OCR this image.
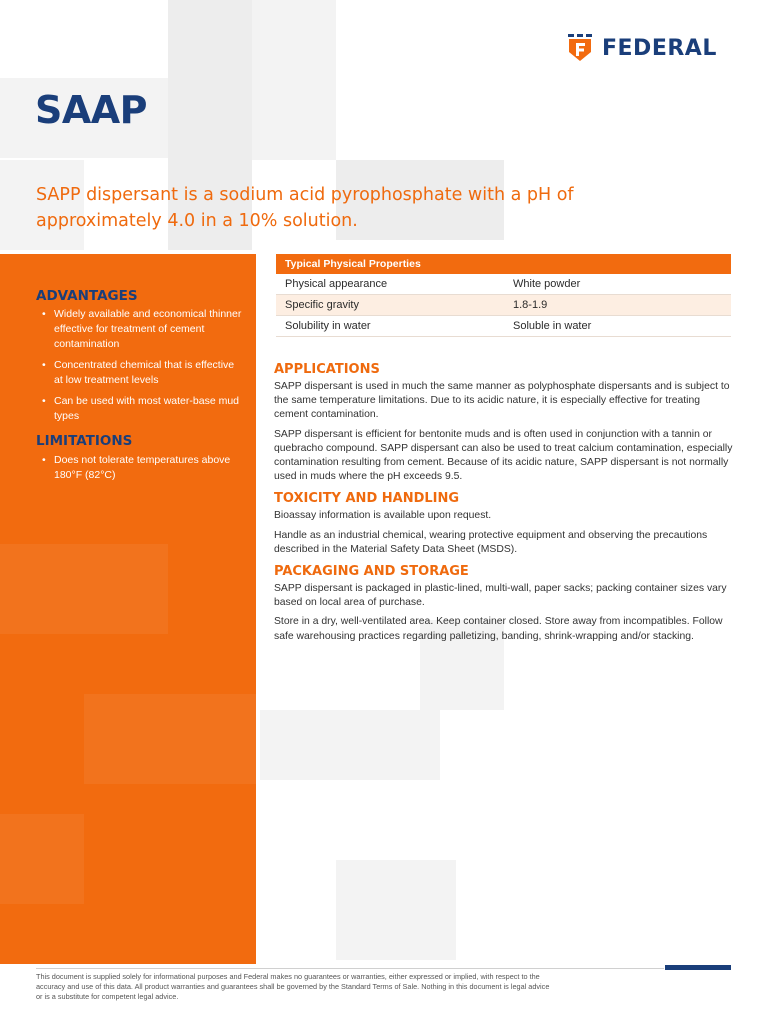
FEDERAL
SAAP

SAPP dispersant is a sodium acid pyrophosphate with a pH of approximately 4.0 in a 10% solution.

ADVANTAGES
• Widely available and economical thinner effective for treatment of cement contamination
• Concentrated chemical that is effective at low treatment levels
• Can be used with most water-base mud types
LIMITATIONS
• Does not tolerate temperatures above 180°F (82°C)
Typical Physical Properties
Physical appearance	White powder
Specific gravity	1.8-1.9
Solubility in water	Soluble in water
APPLICATIONS

SAPP dispersant is used in much the same manner as polyphosphate dispersants and is subject to the same temperature limitations. Due to its acidic nature, it is especially effective for treating cement contamination.

SAPP dispersant is efficient for bentonite muds and is often used in conjunction with a tannin or quebracho compound. SAPP dispersant can also be used to treat calcium contamination, especially contamination resulting from cement. Because of its acidic nature, SAPP dispersant is not normally used in muds where the pH exceeds 9.5.

TOXICITY AND HANDLING

Bioassay information is available upon request.

Handle as an industrial chemical, wearing protective equipment and observing the precautions described in the Material Safety Data Sheet (MSDS).

PACKAGING AND STORAGE

SAPP dispersant is packaged in plastic-lined, multi-wall, paper sacks; packing container sizes vary based on local area of purchase.

Store in a dry, well-ventilated area. Keep container closed. Store away from incompatibles. Follow safe warehousing practices regarding palletizing, banding, shrink-wrapping and/or stacking.

This document is supplied solely for informational purposes and Federal makes no guarantees or warranties, either expressed or implied, with respect to the accuracy and use of this data. All product warranties and guarantees shall be governed by the Standard Terms of Sale. Nothing in this document is legal advice or is a substitute for competent legal advice.
